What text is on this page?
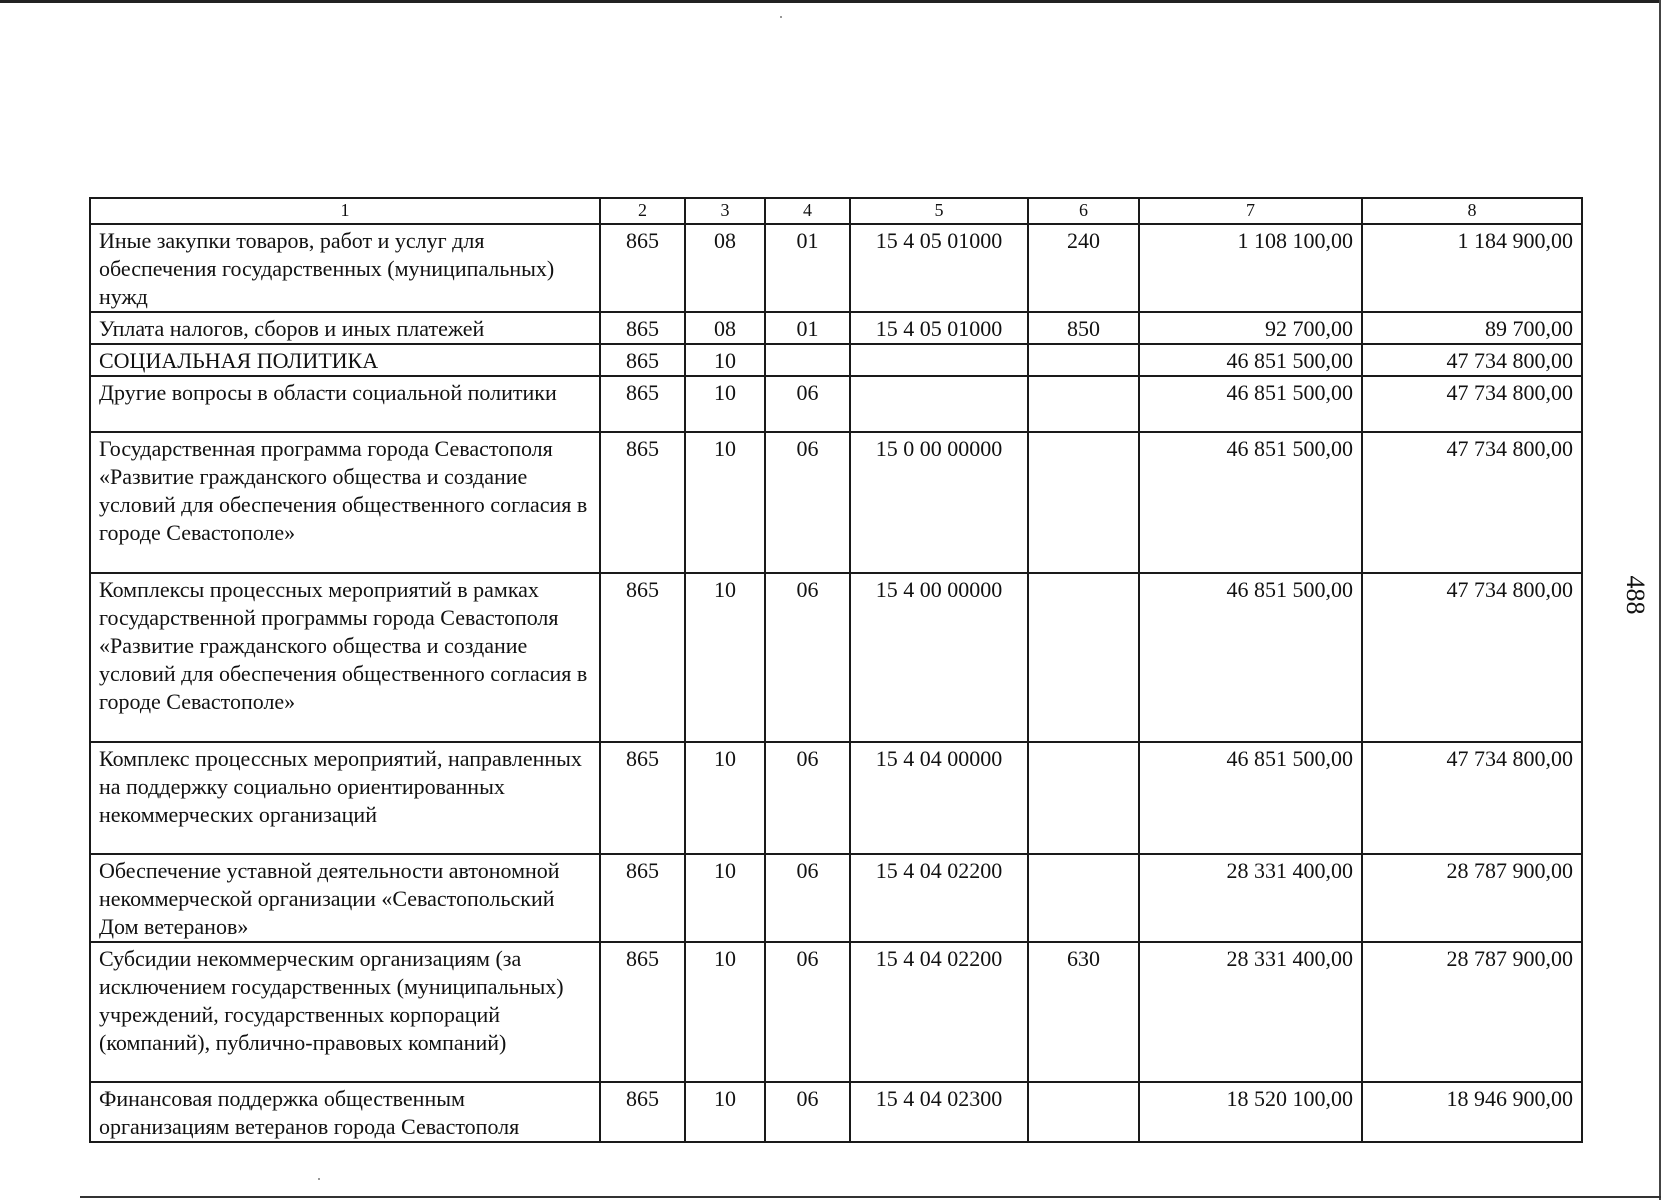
1	2	3	4	5	6	7	8
Иные закупки товаров, работ и услуг для обеспечения государственных (муниципальных) нужд	865	08	01	15 4 05 01000	240	1 108 100,00	1 184 900,00
Уплата налогов, сборов и иных платежей	865	08	01	15 4 05 01000	850	92 700,00	89 700,00
СОЦИАЛЬНАЯ ПОЛИТИКА	865	10				46 851 500,00	47 734 800,00
Другие вопросы в области социальной политики	865	10	06			46 851 500,00	47 734 800,00
Государственная программа города Севастополя «Развитие гражданского общества и создание условий для обеспечения общественного согласия в городе Севастополе»	865	10	06	15 0 00 00000		46 851 500,00	47 734 800,00
Комплексы процессных мероприятий в рамках государственной программы города Севастополя «Развитие гражданского общества и создание условий для обеспечения общественного согласия в городе Севастополе»	865	10	06	15 4 00 00000		46 851 500,00	47 734 800,00
Комплекс процессных мероприятий, направленных на поддержку социально ориентированных некоммерческих организаций	865	10	06	15 4 04 00000		46 851 500,00	47 734 800,00
Обеспечение уставной деятельности автономной некоммерческой организации «Севастопольский Дом ветеранов»	865	10	06	15 4 04 02200		28 331 400,00	28 787 900,00
Субсидии некоммерческим организациям (за исключением государственных (муниципальных) учреждений, государственных корпораций (компаний), публично-правовых компаний)	865	10	06	15 4 04 02200	630	28 331 400,00	28 787 900,00
Финансовая поддержка общественным организациям ветеранов города Севастополя	865	10	06	15 4 04 02300		18 520 100,00	18 946 900,00
488
